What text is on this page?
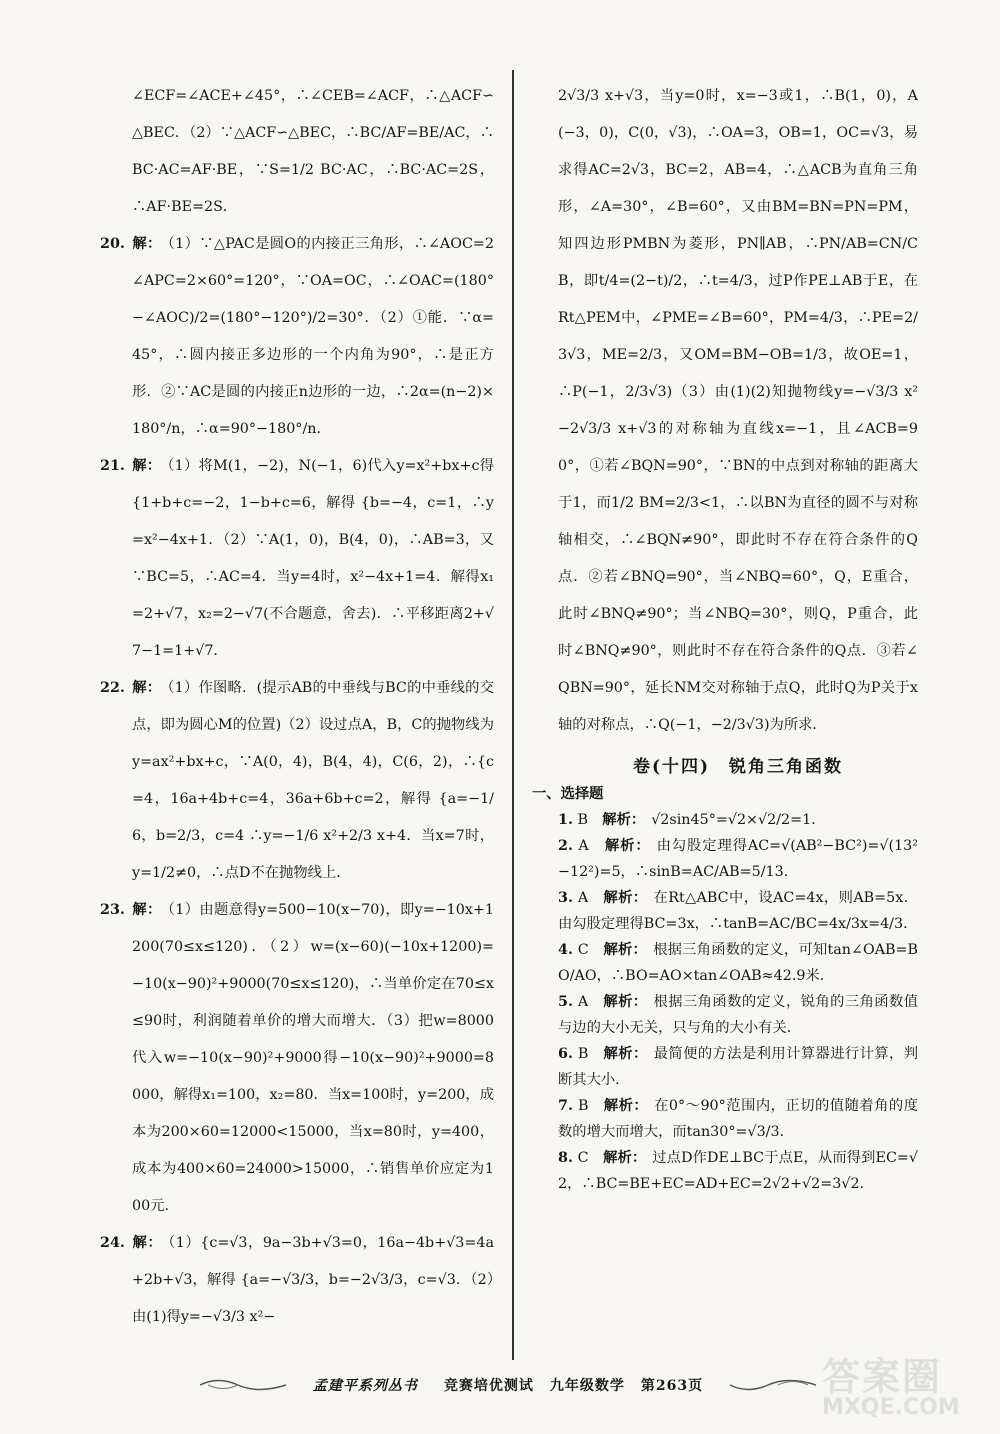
∠ECF=∠ACE+∠45°，∴∠CEB=∠ACF，∴△ACF∽△BEC．（2）∵△ACF∽△BEC，∴BC/AF=BE/AC，∴BC·AC=AF·BE，∵S=1/2 BC·AC，∴BC·AC=2S，∴AF·BE=2S．

20. 解： （1）∵△PAC是圆O的内接正三角形，∴∠AOC=2∠APC=2×60°=120°，∵OA=OC，∴∠OAC=(180°−∠AOC)/2=(180°−120°)/2=30°．（2）①能．∵α=45°，∴圆内接正多边形的一个内角为90°，∴是正方形．②∵AC是圆的内接正n边形的一边，∴2α=(n−2)×180°/n，∴α=90°−180°/n．

21. 解： （1）将M(1，−2)，N(−1，6)代入y=x²+bx+c得 {1+b+c=−2，1−b+c=6，解得 {b=−4，c=1，∴y=x²−4x+1．（2）∵A(1，0)，B(4，0)，∴AB=3，又∵BC=5，∴AC=4．当y=4时，x²−4x+1=4．解得x₁=2+√7，x₂=2−√7(不合题意，舍去)．∴平移距离2+√7−1=1+√7．

22. 解： （1）作图略．(提示AB的中垂线与BC的中垂线的交点，即为圆心M的位置)（2）设过点A，B，C的抛物线为y=ax²+bx+c，∵A(0，4)，B(4，4)，C(6，2)，∴{c=4，16a+4b+c=4，36a+6b+c=2，解得 {a=−1/6，b=2/3，c=4 ∴y=−1/6 x²+2/3 x+4．当x=7时，y=1/2≠0，∴点D不在抛物线上．

23. 解： （1）由题意得y=500−10(x−70)，即y=−10x+1200(70≤x≤120)．（2）w=(x−60)(−10x+1200)=−10(x−90)²+9000(70≤x≤120)，∴当单价定在70≤x≤90时，利润随着单价的增大而增大．（3）把w=8000代入w=−10(x−90)²+9000得−10(x−90)²+9000=8000，解得x₁=100，x₂=80．当x=100时，y=200，成本为200×60=12000<15000，当x=80时，y=400，成本为400×60=24000>15000，∴销售单价应定为100元．

24. 解： （1）{c=√3，9a−3b+√3=0，16a−4b+√3=4a+2b+√3，解得 {a=−√3/3，b=−2√3/3，c=√3．（2）由(1)得y=−√3/3 x²−

2√3/3 x+√3，当y=0时，x=−3或1，∴B(1，0)，A(−3，0)，C(0，√3)，∴OA=3，OB=1，OC=√3，易求得AC=2√3，BC=2，AB=4，∴△ACB为直角三角形，∠A=30°，∠B=60°，又由BM=BN=PN=PM，知四边形PMBN为菱形，PN∥AB，∴PN/AB=CN/CB，即t/4=(2−t)/2，∴t=4/3，过P作PE⊥AB于E，在Rt△PEM中，∠PME=∠B=60°，PM=4/3，∴PE=2/3√3，ME=2/3，又OM=BM−OB=1/3，故OE=1，∴P(−1，2/3√3)（3）由(1)(2)知抛物线y=−√3/3 x²−2√3/3 x+√3的对称轴为直线x=−1，且∠ACB=90°，①若∠BQN=90°，∵BN的中点到对称轴的距离大于1，而1/2 BM=2/3<1，∴以BN为直径的圆不与对称轴相交，∴∠BQN≠90°，即此时不存在符合条件的Q点．②若∠BNQ=90°，当∠NBQ=60°，Q，E重合，此时∠BNQ≠90°；当∠NBQ=30°，则Q，P重合，此时∠BNQ≠90°，则此时不存在符合条件的Q点．③若∠QBN=90°，延长NM交对称轴于点Q，此时Q为P关于x轴的对称点，∴Q(−1，−2/3√3)为所求．

卷(十四)　锐角三角函数
一、选择题

1. B　 解析： √2sin45°=√2×√2/2=1．

2. A　 解析： 由勾股定理得AC=√(AB²−BC²)=√(13²−12²)=5，∴sinB=AC/AB=5/13．

3. A　 解析： 在Rt△ABC中，设AC=4x，则AB=5x．由勾股定理得BC=3x，∴tanB=AC/BC=4x/3x=4/3．

4. C　 解析： 根据三角函数的定义，可知tan∠OAB=BO/AO，∴BO=AO×tan∠OAB≈42.9米．

5. A　 解析： 根据三角函数的定义，锐角的三角函数值与边的大小无关，只与角的大小有关．

6. B　 解析： 最简便的方法是利用计算器进行计算，判断其大小．

7. B　 解析： 在0°～90°范围内，正切的值随着角的度数的增大而增大，而tan30°=√3/3．

8. C　 解析： 过点D作DE⊥BC于点E，从而得到EC=√2，∴BC=BE+EC=AD+EC=2√2+√2=3√2．

孟建平系列丛书 竞赛培优测试 九年级数学 第263页	答案圈
MXQE.COM
